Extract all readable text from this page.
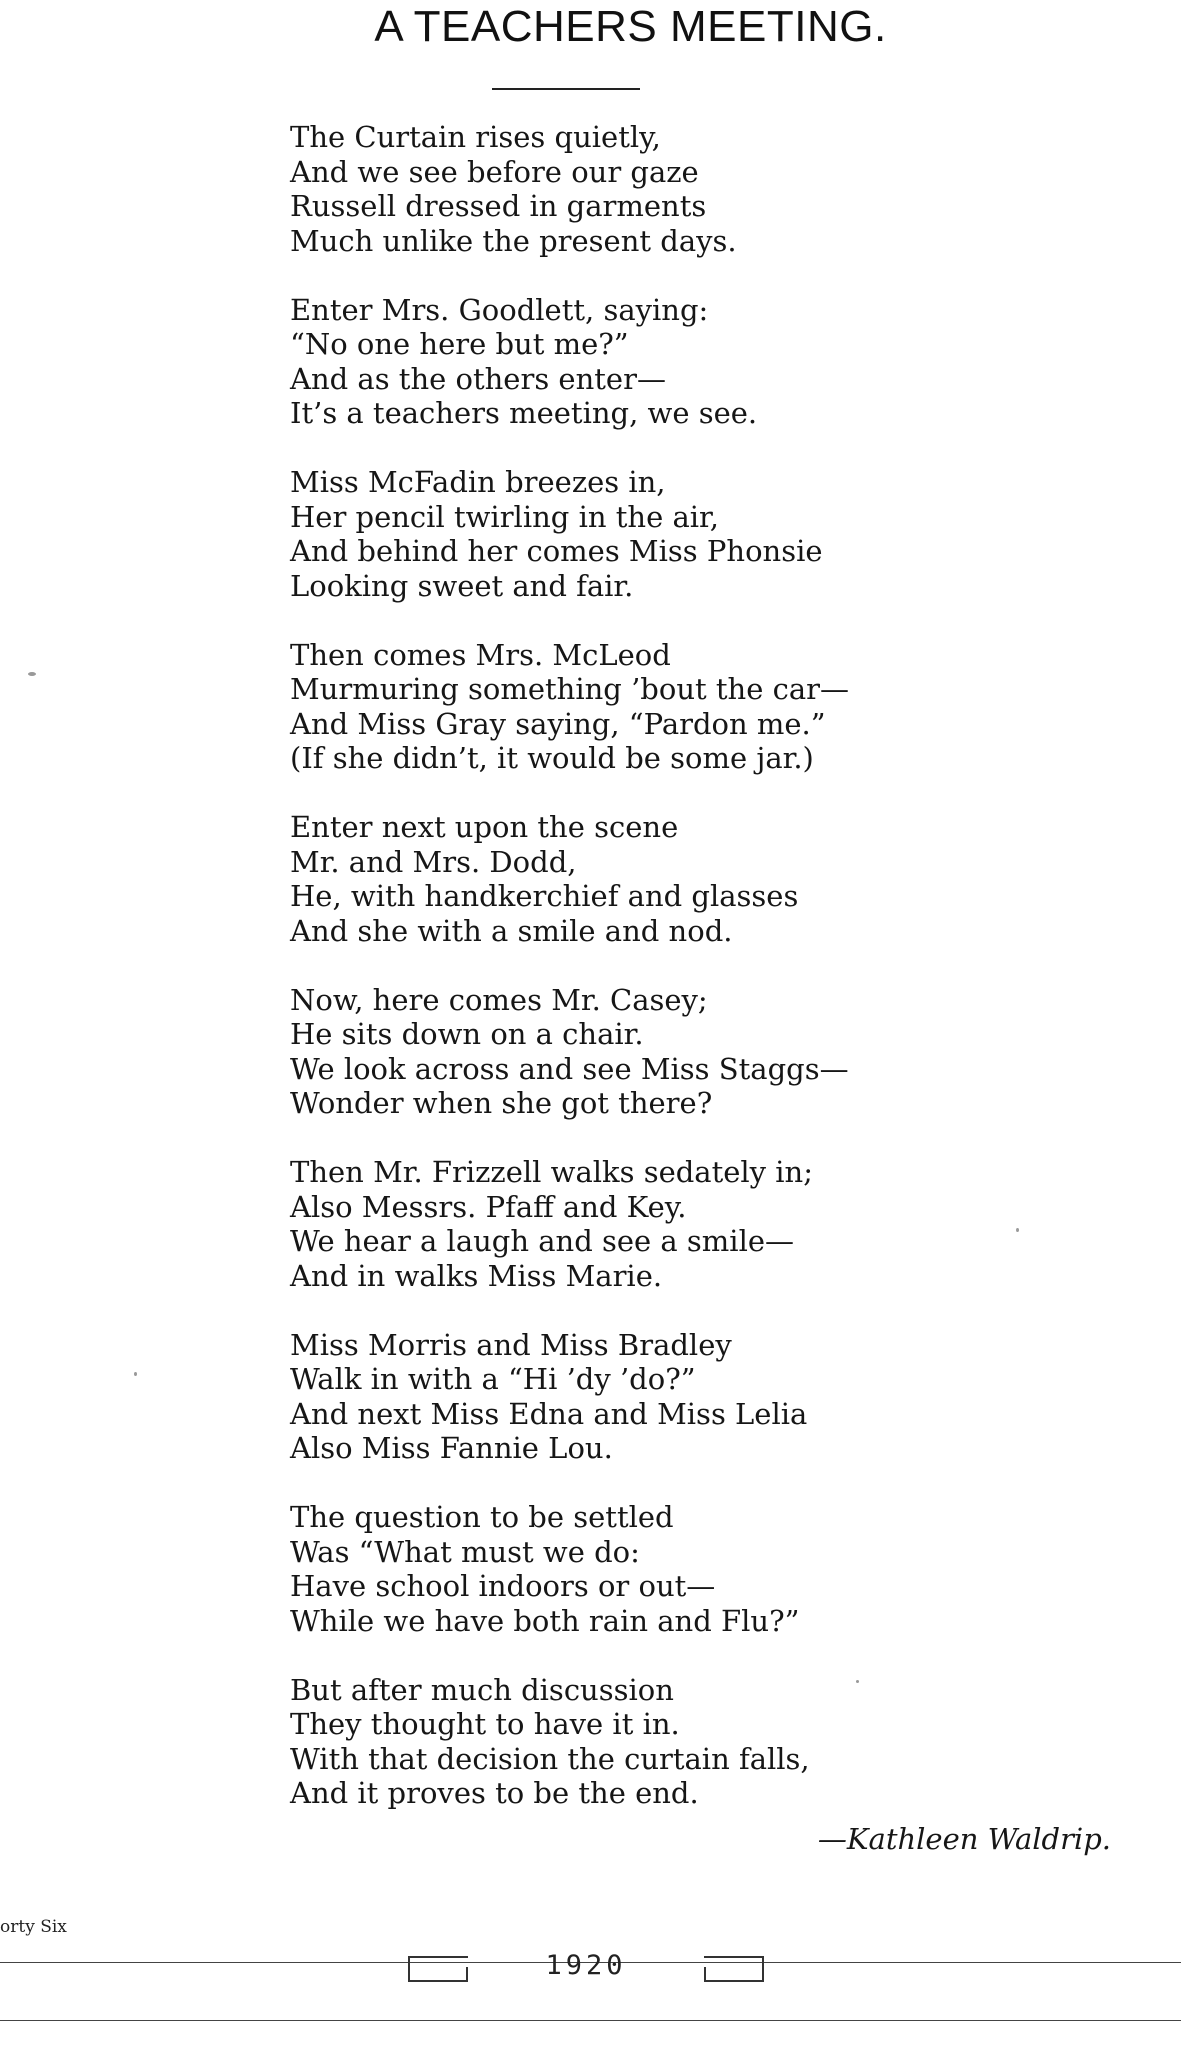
A TEACHERS MEETING.
The Curtain rises quietly,
And we see before our gaze
Russell dressed in garments
Much unlike the present days.
Enter Mrs. Goodlett, saying:
“No one here but me?”
And as the others enter—
It’s a teachers meeting, we see.
Miss McFadin breezes in,
Her pencil twirling in the air,
And behind her comes Miss Phonsie
Looking sweet and fair.
Then comes Mrs. McLeod
Murmuring something ’bout the car—
And Miss Gray saying, “Pardon me.”
(If she didn’t, it would be some jar.)
Enter next upon the scene
Mr. and Mrs. Dodd,
He, with handkerchief and glasses
And she with a smile and nod.
Now, here comes Mr. Casey;
He sits down on a chair.
We look across and see Miss Staggs—
Wonder when she got there?
Then Mr. Frizzell walks sedately in;
Also Messrs. Pfaff and Key.
We hear a laugh and see a smile—
And in walks Miss Marie.
Miss Morris and Miss Bradley
Walk in with a “Hi ’dy ’do?”
And next Miss Edna and Miss Lelia
Also Miss Fannie Lou.
The question to be settled
Was “What must we do:
Have school indoors or out—
While we have both rain and Flu?”
But after much discussion
They thought to have it in.
With that decision the curtain falls,
And it proves to be the end.
—Kathleen Waldrip.
orty Six
1920
